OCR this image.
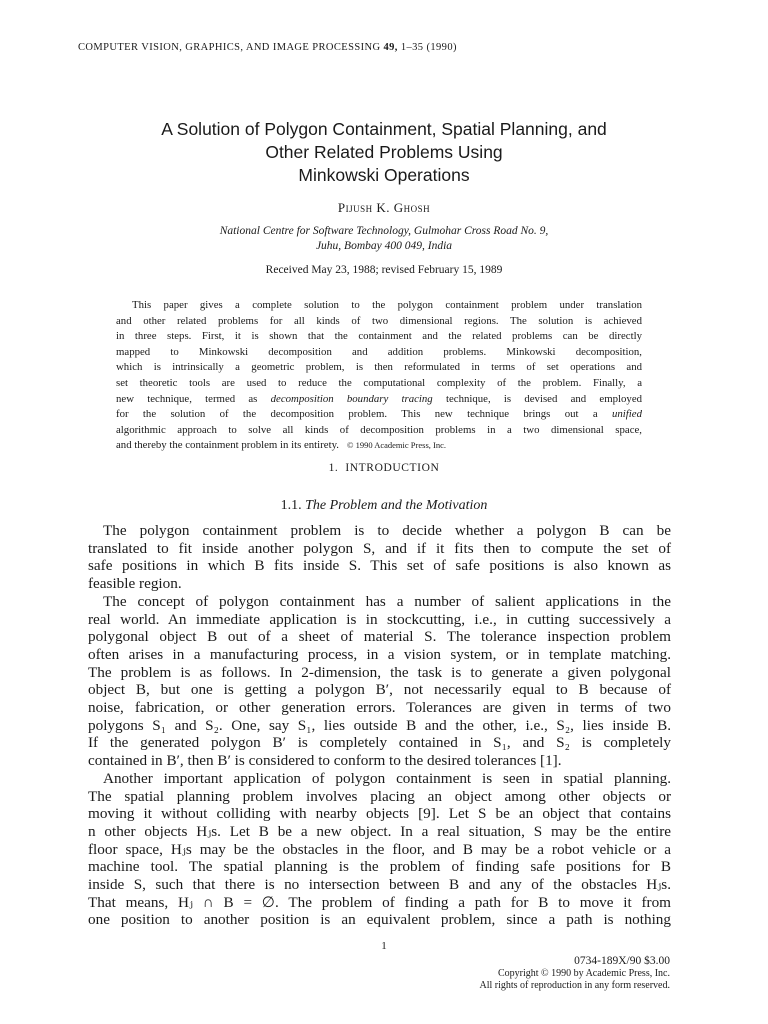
COMPUTER VISION, GRAPHICS, AND IMAGE PROCESSING 49, 1–35 (1990)
A Solution of Polygon Containment, Spatial Planning, and
Other Related Problems Using
Minkowski Operations
Pijush K. Ghosh
National Centre for Software Technology, Gulmohar Cross Road No. 9,
Juhu, Bombay 400 049, India
Received May 23, 1988; revised February 15, 1989
This paper gives a complete solution to the polygon containment problem under translation
and other related problems for all kinds of two dimensional regions. The solution is achieved
in three steps. First, it is shown that the containment and the related problems can be directly
mapped to Minkowski decomposition and addition problems. Minkowski decomposition,
which is intrinsically a geometric problem, is then reformulated in terms of set operations and
set theoretic tools are used to reduce the computational complexity of the problem. Finally, a
new technique, termed as decomposition boundary tracing technique, is devised and employed
for the solution of the decomposition problem. This new technique brings out a unified
algorithmic approach to solve all kinds of decomposition problems in a two dimensional space,
and thereby the containment problem in its entirety. © 1990 Academic Press, Inc.
1. INTRODUCTION
1.1. The Problem and the Motivation
The polygon containment problem is to decide whether a polygon B can be
translated to fit inside another polygon S, and if it fits then to compute the set of
safe positions in which B fits inside S. This set of safe positions is also known as
feasible region.
The concept of polygon containment has a number of salient applications in the
real world. An immediate application is in stockcutting, i.e., in cutting successively a
polygonal object B out of a sheet of material S. The tolerance inspection problem
often arises in a manufacturing process, in a vision system, or in template matching.
The problem is as follows. In 2-dimension, the task is to generate a given polygonal
object B, but one is getting a polygon B′, not necessarily equal to B because of
noise, fabrication, or other generation errors. Tolerances are given in terms of two
polygons S₁ and S₂. One, say S₁, lies outside B and the other, i.e., S₂, lies inside B.
If the generated polygon B′ is completely contained in S₁, and S₂ is completely
contained in B′, then B′ is considered to conform to the desired tolerances [1].
Another important application of polygon containment is seen in spatial planning.
The spatial planning problem involves placing an object among other objects or
moving it without colliding with nearby objects [9]. Let S be an object that contains
n other objects Hⱼs. Let B be a new object. In a real situation, S may be the entire
floor space, Hⱼs may be the obstacles in the floor, and B may be a robot vehicle or a
machine tool. The spatial planning is the problem of finding safe positions for B
inside S, such that there is no intersection between B and any of the obstacles Hⱼs.
That means, Hⱼ ∩ B = ∅. The problem of finding a path for B to move it from
one position to another position is an equivalent problem, since a path is nothing
1
0734-189X/90 $3.00
Copyright © 1990 by Academic Press, Inc.
All rights of reproduction in any form reserved.
